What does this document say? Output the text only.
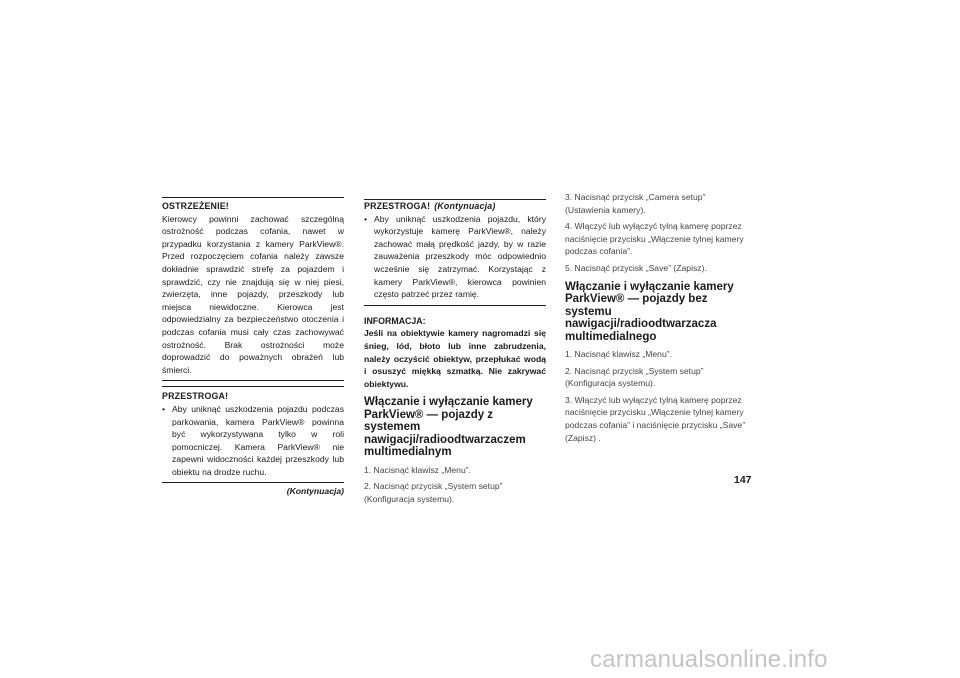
OSTRZEŻENIE!
Kierowcy powinni zachować szczególną ostrożność podczas cofania, nawet w przypadku korzystania z kamery ParkView®. Przed rozpoczęciem cofania należy zawsze dokładnie sprawdzić strefę za pojazdem i sprawdzić, czy nie znajdują się w niej piesi, zwierzęta, inne pojazdy, przeszkody lub miejsca niewidoczne. Kierowca jest odpowiedzialny za bezpieczeństwo otoczenia i podczas cofania musi cały czas zachowywać ostrożność. Brak ostrożności może doprowadzić do poważnych obrażeń lub śmierci.
PRZESTROGA!
• Aby uniknąć uszkodzenia pojazdu podczas parkowania, kamera ParkView® powinna być wykorzystywana tylko w roli pomocniczej. Kamera ParkView® nie zapewni widoczności każdej przeszkody lub obiektu na drodze ruchu.
(Kontynuacja)
PRZESTROGA! (Kontynuacja)
• Aby uniknąć uszkodzenia pojazdu, który wykorzystuje kamerę ParkView®, należy zachować małą prędkość jazdy, by w razie zauważenia przeszkody móc odpowiednio wcześnie się zatrzymać. Korzystając z kamery ParkView®, kierowca powinien często patrzeć przez ramię.
INFORMACJA:
Jeśli na obiektywie kamery nagromadzi się śnieg, lód, błoto lub inne zabrudzenia, należy oczyścić obiektyw, przepłukać wodą i osuszyć miękką szmatką. Nie zakrywać obiektywu.
Włączanie i wyłączanie kamery ParkView® — pojazdy z systemem nawigacji/radioodtwarzaczem multimedialnym
1. Nacisnąć klawisz „Menu”.
2. Nacisnąć przycisk „System setup” (Konfiguracja systemu).
3. Nacisnąć przycisk „Camera setup” (Ustawienia kamery).
4. Włączyć lub wyłączyć tylną kamerę poprzez naciśnięcie przycisku „Włączenie tylnej kamery podczas cofania”.
5. Nacisnąć przycisk „Save” (Zapisz).
Włączanie i wyłączanie kamery ParkView® — pojazdy bez systemu nawigacji/radioodtwarzacza multimedialnego
1. Nacisnąć klawisz „Menu”.
2. Nacisnąć przycisk „System setup” (Konfiguracja systemu).
3. Włączyć lub wyłączyć tylną kamerę poprzez naciśnięcie przycisku „Włączenie tylnej kamery podczas cofania” i naciśnięcie przycisku „Save” (Zapisz) .
147
carmanualsonline.info
